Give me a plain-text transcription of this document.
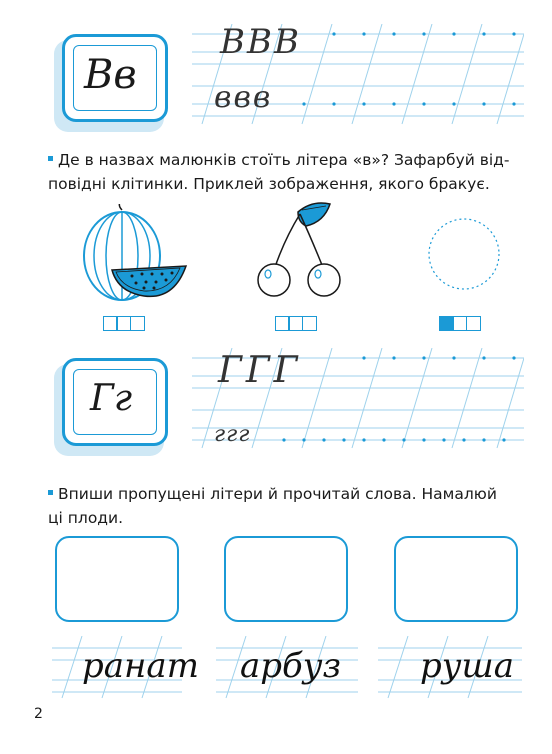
Вв
ВВВ
ввв
Де в назвах малюнків стоїть літера «в»? Зафарбуй від-
повідні клітинки. Приклей зображення, якого бракує.
Гг
ГГГ
ггг
Впиши пропущені літери й прочитай слова. Намалюй
ці плоди.
ранат арбуз руша
2
